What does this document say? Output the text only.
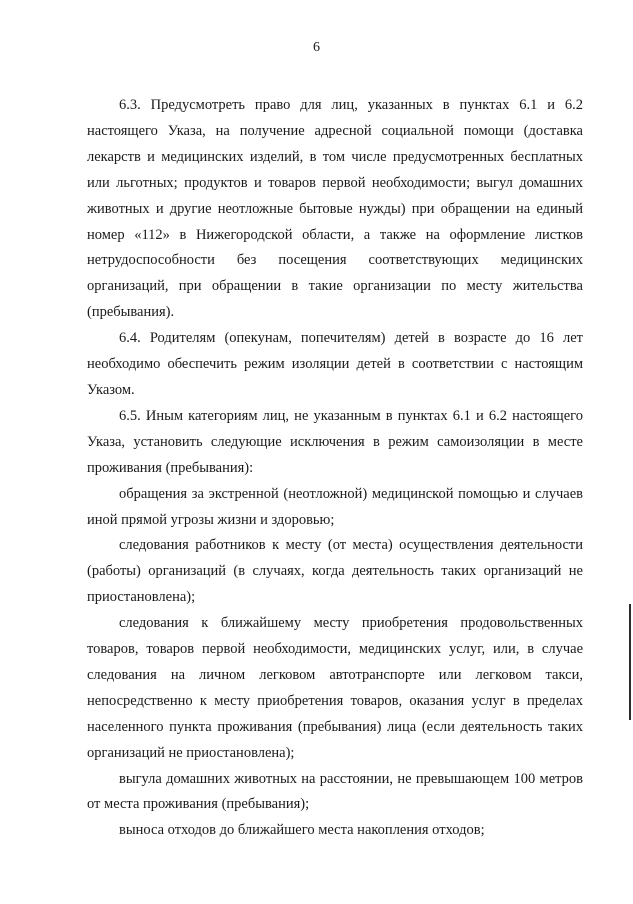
6

6.3. Предусмотреть право для лиц, указанных в пунктах 6.1 и 6.2 настоящего Указа, на получение адресной социальной помощи (доставка лекарств и медицинских изделий, в том числе предусмотренных бесплатных или льготных; продуктов и товаров первой необходимости; выгул домашних животных и другие неотложные бытовые нужды) при обращении на единый номер «112» в Нижегородской области, а также на оформление листков нетрудоспособности без посещения соответствующих медицинских организаций, при обращении в такие организации по месту жительства (пребывания).

6.4. Родителям (опекунам, попечителям) детей в возрасте до 16 лет необходимо обеспечить режим изоляции детей в соответствии с настоящим Указом.

6.5. Иным категориям лиц, не указанным в пунктах 6.1 и 6.2 настоящего Указа, установить следующие исключения в режим самоизоляции в месте проживания (пребывания):

обращения за экстренной (неотложной) медицинской помощью и случаев иной прямой угрозы жизни и здоровью;

следования работников к месту (от места) осуществления деятельности (работы) организаций (в случаях, когда деятельность таких организаций не приостановлена);

следования к ближайшему месту приобретения продовольственных товаров, товаров первой необходимости, медицинских услуг, или, в случае следования на личном легковом автотранспорте или легковом такси, непосредственно к месту приобретения товаров, оказания услуг в пределах населенного пункта проживания (пребывания) лица (если деятельность таких организаций не приостановлена);

выгула домашних животных на расстоянии, не превышающем 100 метров от места проживания (пребывания);

выноса отходов до ближайшего места накопления отходов;
